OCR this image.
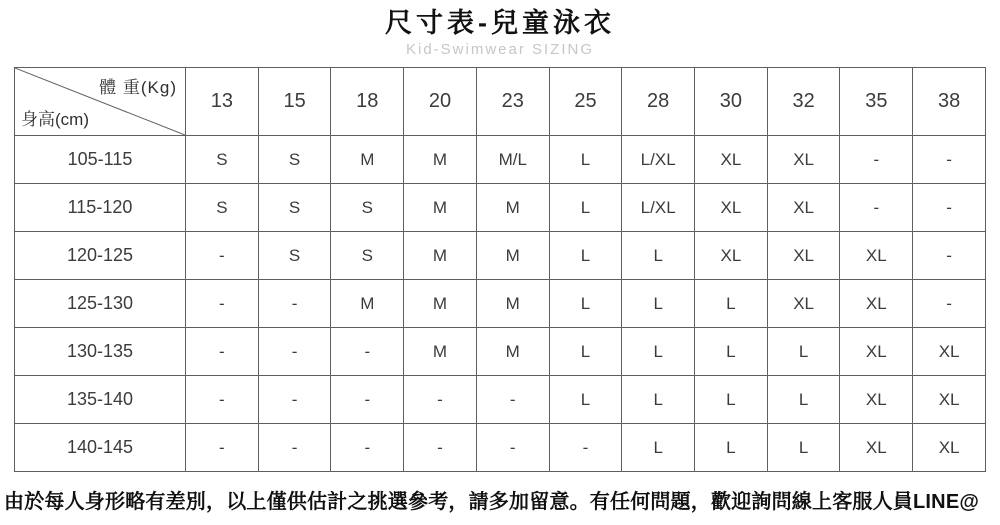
尺寸表-兒童泳衣
Kid-Swimwear SIZING
體 重(Kg)
身高(cm)	13	15	18	20	23	25	28	30	32	35	38
105-115	S	S	M	M	M/L	L	L/XL	XL	XL	-	-
115-120	S	S	S	M	M	L	L/XL	XL	XL	-	-
120-125	-	S	S	M	M	L	L	XL	XL	XL	-
125-130	-	-	M	M	M	L	L	L	XL	XL	-
130-135	-	-	-	M	M	L	L	L	L	XL	XL
135-140	-	-	-	-	-	L	L	L	L	XL	XL
140-145	-	-	-	-	-	-	L	L	L	XL	XL

由於每人身形略有差別，以上僅供估計之挑選參考，請多加留意。有任何問題，歡迎詢問線上客服人員LINE@
